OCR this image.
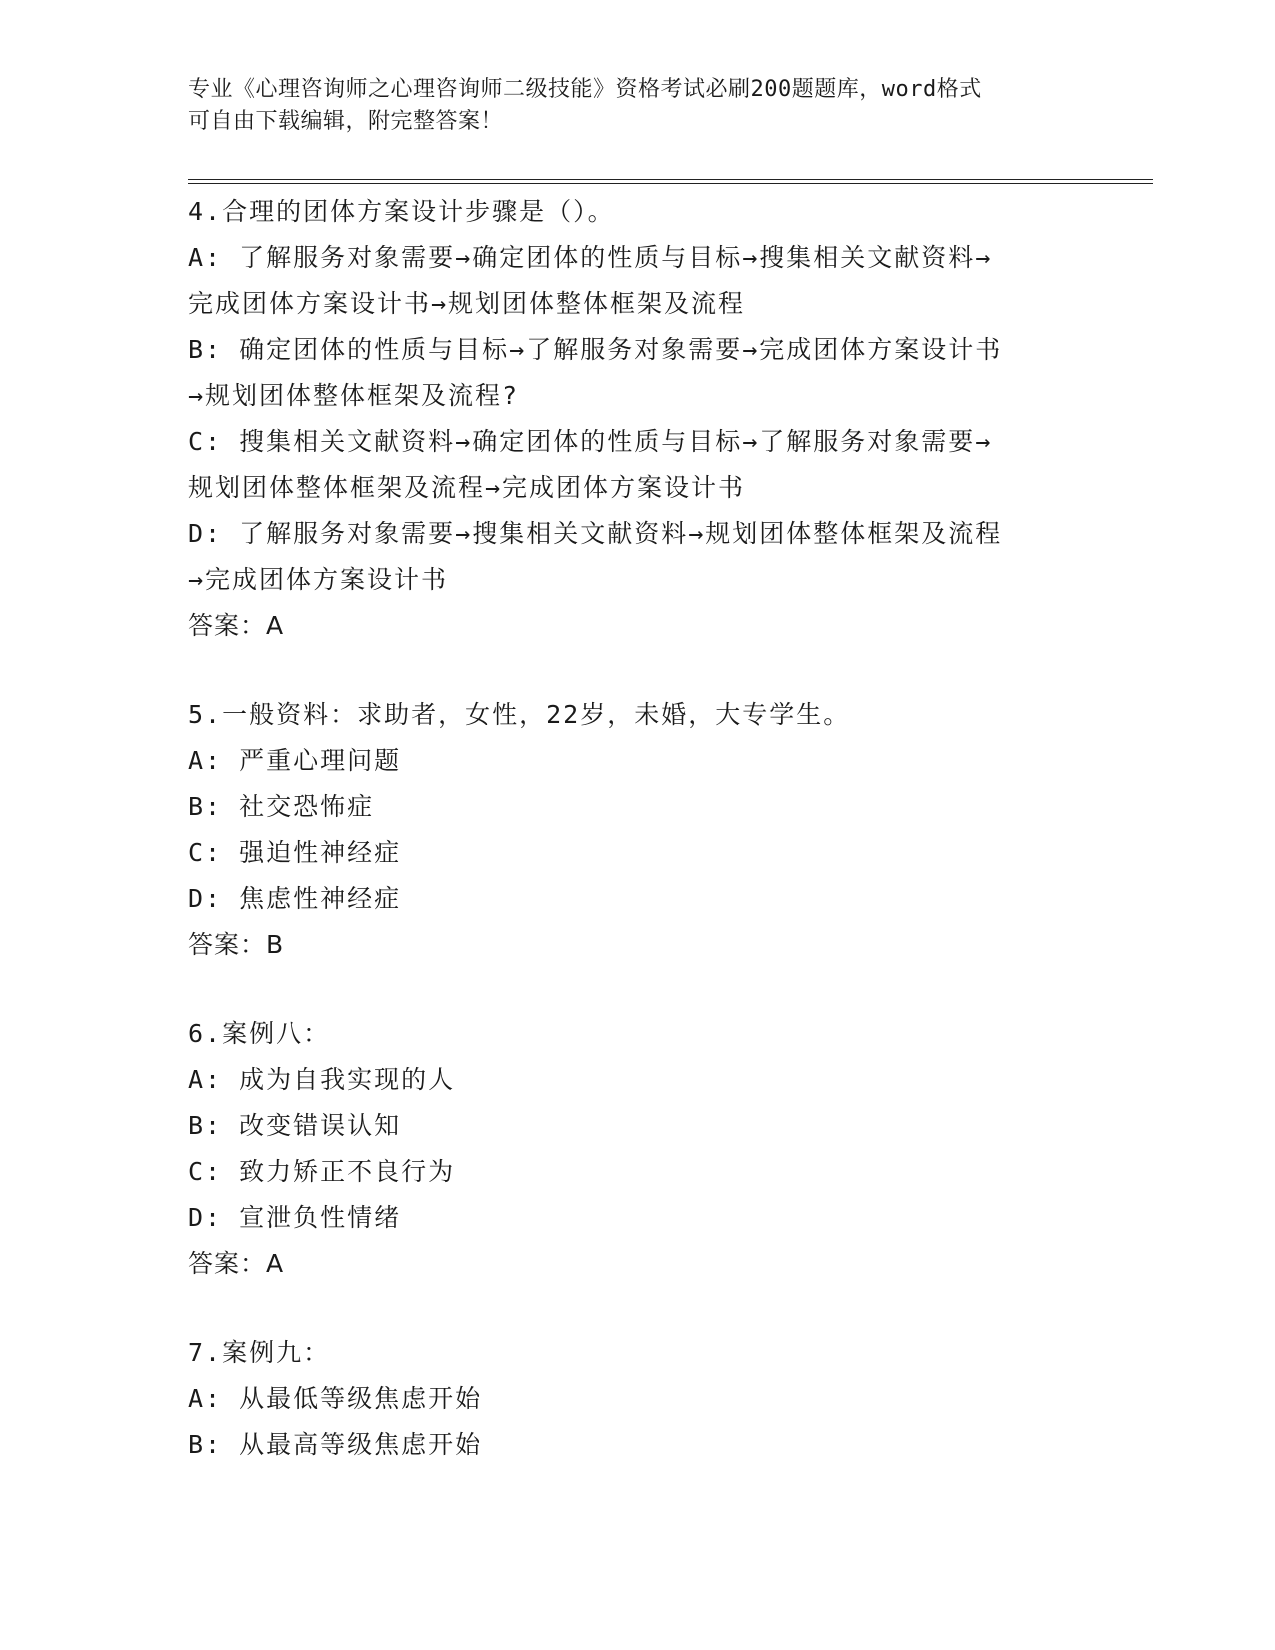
专业《心理咨询师之心理咨询师二级技能》资格考试必刷200题题库，word格式
可自由下载编辑，附完整答案！
4.合理的团体方案设计步骤是（）。
A: 了解服务对象需要→确定团体的性质与目标→搜集相关文献资料→
完成团体方案设计书→规划团体整体框架及流程
B: 确定团体的性质与目标→了解服务对象需要→完成团体方案设计书
→规划团体整体框架及流程?
C: 搜集相关文献资料→确定团体的性质与目标→了解服务对象需要→
规划团体整体框架及流程→完成团体方案设计书
D: 了解服务对象需要→搜集相关文献资料→规划团体整体框架及流程
→完成团体方案设计书
答案：A
5.一般资料：求助者，女性，22岁，未婚，大专学生。
A: 严重心理问题
B: 社交恐怖症
C: 强迫性神经症
D: 焦虑性神经症
答案：B
6.案例八：
A: 成为自我实现的人
B: 改变错误认知
C: 致力矫正不良行为
D: 宣泄负性情绪
答案：A
7.案例九：
A: 从最低等级焦虑开始
B: 从最高等级焦虑开始
